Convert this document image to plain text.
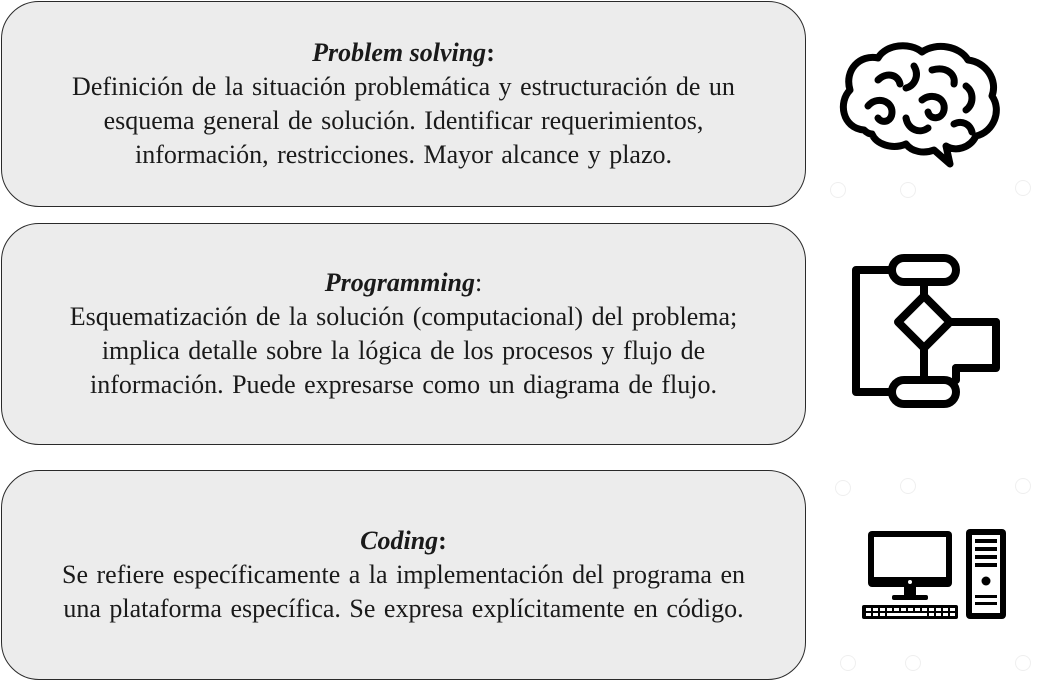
Problem solving:

Definición de la situación problemática y estructuración de un

esquema general de solución. Identificar requerimientos,

información, restricciones. Mayor alcance y plazo.

Programming:

Esquematización de la solución (computacional) del problema;

implica detalle sobre la lógica de los procesos y flujo de

información. Puede expresarse como un diagrama de flujo.

Coding:

Se refiere específicamente a la implementación del programa en

una plataforma específica. Se expresa explícitamente en código.
